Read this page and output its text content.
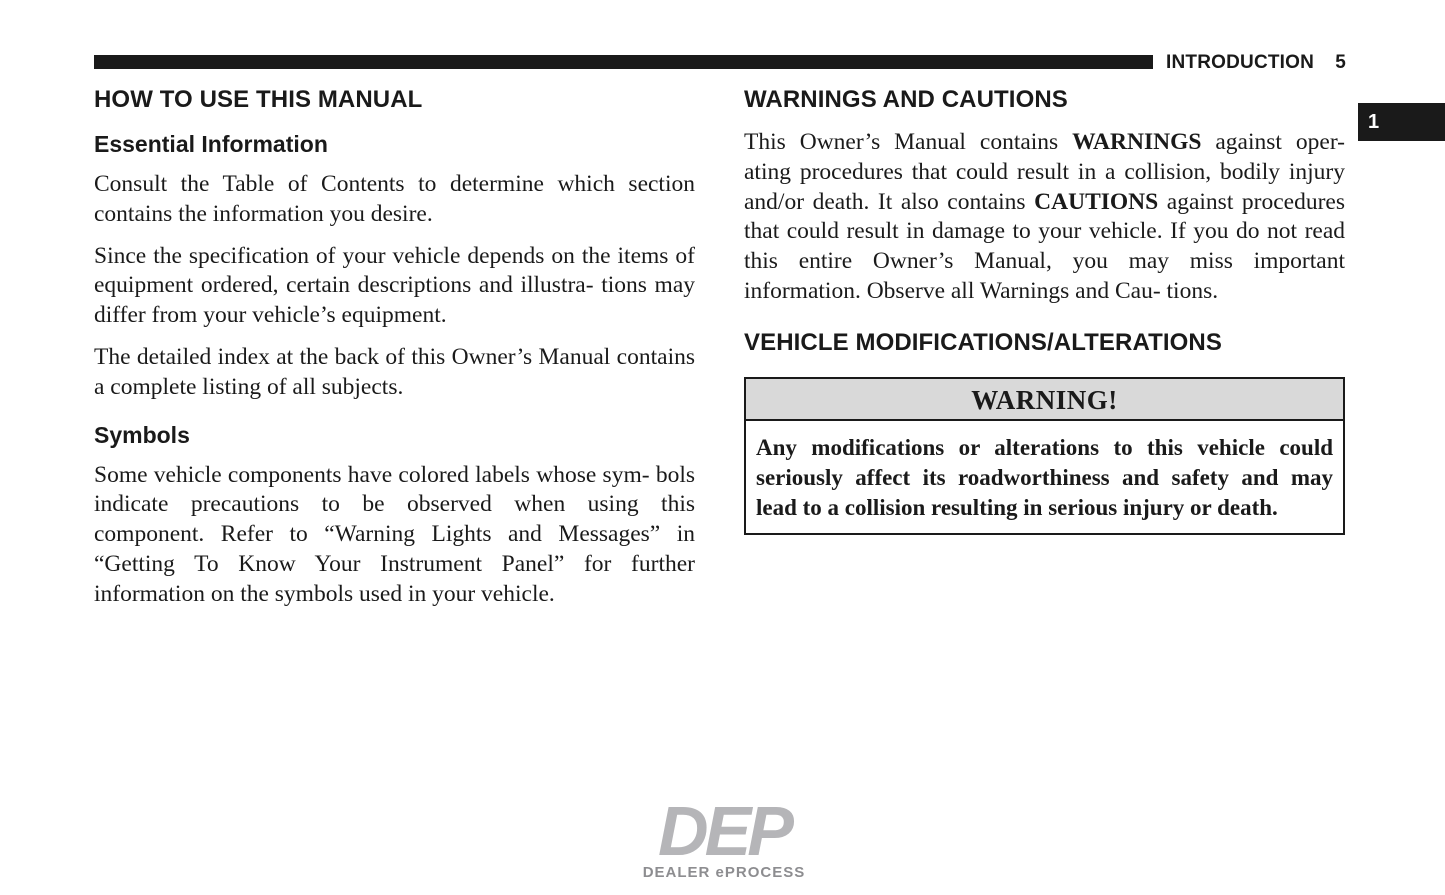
INTRODUCTION 5
1
HOW TO USE THIS MANUAL
Essential Information

Consult the Table of Contents to determine which section contains the information you desire.

Since the specification of your vehicle depends on the items of equipment ordered, certain descriptions and illustra- tions may differ from your vehicle’s equipment.

The detailed index at the back of this Owner’s Manual contains a complete listing of all subjects.

Symbols

Some vehicle components have colored labels whose sym- bols indicate precautions to be observed when using this component. Refer to “Warning Lights and Messages” in “Getting To Know Your Instrument Panel” for further information on the symbols used in your vehicle.

WARNINGS AND CAUTIONS

This Owner’s Manual contains WARNINGS against oper- ating procedures that could result in a collision, bodily injury and/or death. It also contains CAUTIONS against procedures that could result in damage to your vehicle. If you do not read this entire Owner’s Manual, you may miss important information. Observe all Warnings and Cau- tions.

VEHICLE MODIFICATIONS/ALTERATIONS
WARNING!
Any modifications or alterations to this vehicle could seriously affect its roadworthiness and safety and may lead to a collision resulting in serious injury or death.
DEP
DEALER ePROCESS
